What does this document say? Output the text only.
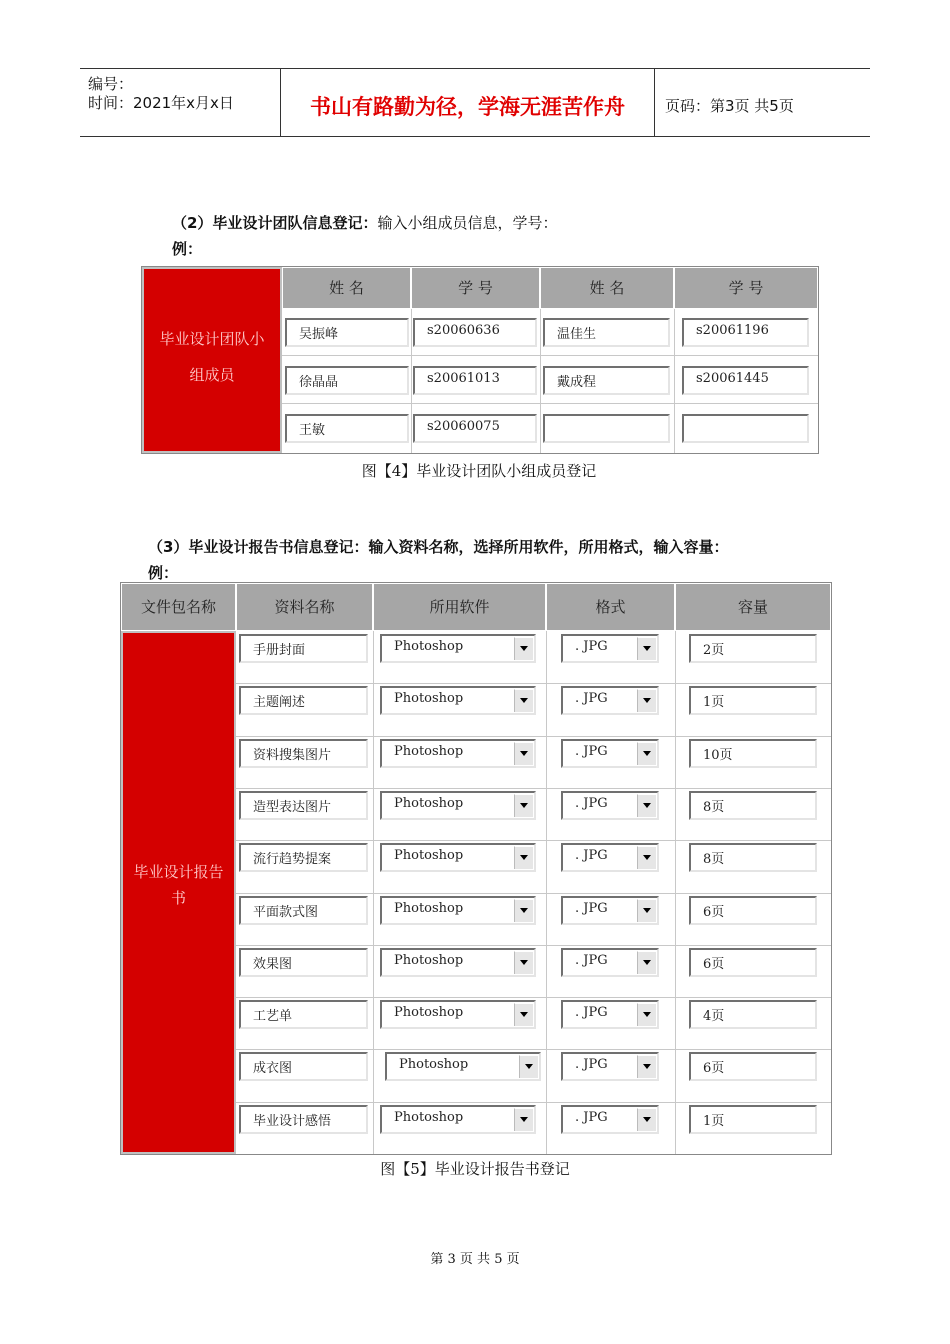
编号：
时间：2021年x月x日	书山有路勤为径，学海无涯苦作舟	页码：第3页 共5页
（2）毕业设计团队信息登记：输入小组成员信息，学号：
例：
毕业设计团队小组成员
姓 名	学 号	姓 名	学 号
吴振峰	s20060636	温佳生	s20061196
徐晶晶	s20061013	戴成程	s20061445
王敏	s20060075
图【4】毕业设计团队小组成员登记
（3）毕业设计报告书信息登记：输入资料名称，选择所用软件，所用格式，输入容量：
例：
文件包名称	资料名称	所用软件	格式	容量
毕业设计报告书
手册封面	Photoshop	. JPG	2页
主题阐述	Photoshop	. JPG	1页
资料搜集图片	Photoshop	. JPG	10页
造型表达图片	Photoshop	. JPG	8页
流行趋势提案	Photoshop	. JPG	8页
平面款式图	Photoshop	. JPG	6页
效果图	Photoshop	. JPG	6页
工艺单	Photoshop	. JPG	4页
成衣图	Photoshop	. JPG	6页
毕业设计感悟	Photoshop	. JPG	1页
图【5】毕业设计报告书登记
第 3 页 共 5 页
